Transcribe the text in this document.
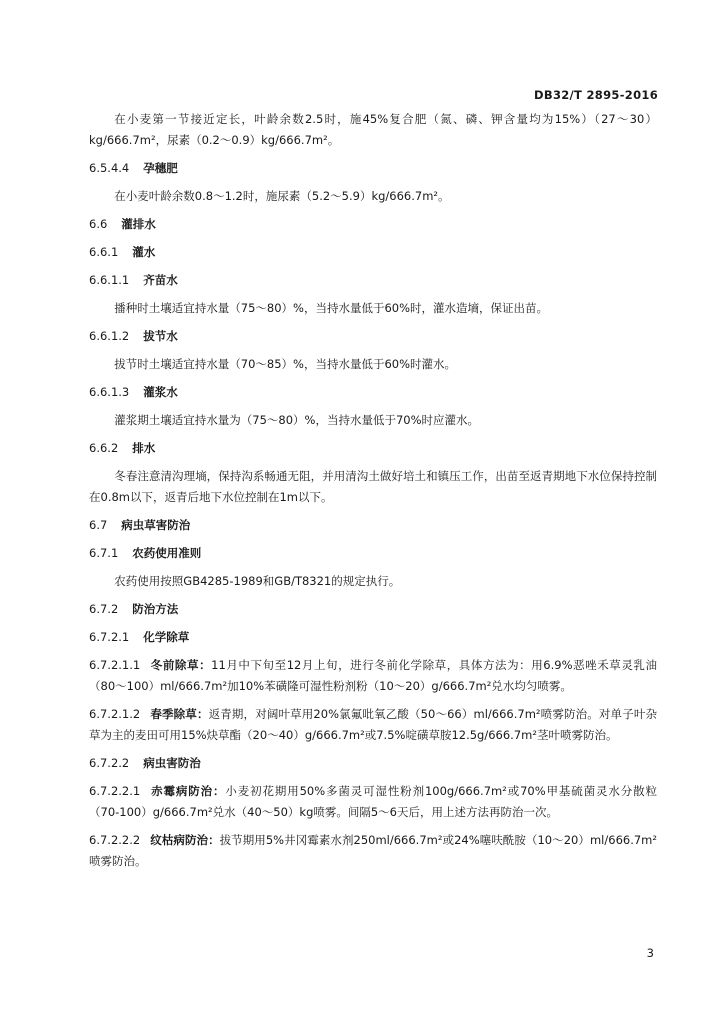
DB32/T 2895-2016

在小麦第一节接近定长，叶龄余数2.5时，施45%复合肥（氮、磷、钾含量均为15%）（27～30）kg/666.7m²，尿素（0.2～0.9）kg/666.7m²。

6.5.4.4 孕穗肥

在小麦叶龄余数0.8～1.2时，施尿素（5.2～5.9）kg/666.7m²。

6.6 灌排水

6.6.1 灌水

6.6.1.1 齐苗水

播种时土壤适宜持水量（75～80）%，当持水量低于60%时，灌水造墒，保证出苗。

6.6.1.2 拔节水

拔节时土壤适宜持水量（70～85）%，当持水量低于60%时灌水。

6.6.1.3 灌浆水

灌浆期土壤适宜持水量为（75～80）%，当持水量低于70%时应灌水。

6.6.2 排水

冬春注意清沟理墒，保持沟系畅通无阻，并用清沟土做好培土和镇压工作，出苗至返青期地下水位保持控制在0.8m以下，返青后地下水位控制在1m以下。

6.7 病虫草害防治

6.7.1 农药使用准则

农药使用按照GB4285-1989和GB/T8321的规定执行。

6.7.2 防治方法

6.7.2.1 化学除草

6.7.2.1.1 冬前除草：11月中下旬至12月上旬，进行冬前化学除草，具体方法为：用6.9%恶唑禾草灵乳油（80～100）ml/666.7m²加10%苯磺隆可湿性粉剂粉（10～20）g/666.7m²兑水均匀喷雾。

6.7.2.1.2 春季除草：返青期，对阔叶草用20%氯氟吡氧乙酸（50～66）ml/666.7m²喷雾防治。对单子叶杂草为主的麦田可用15%炔草酯（20～40）g/666.7m²或7.5%啶磺草胺12.5g/666.7m²茎叶喷雾防治。

6.7.2.2 病虫害防治

6.7.2.2.1 赤霉病防治：小麦初花期用50%多菌灵可湿性粉剂100g/666.7m²或70%甲基硫菌灵水分散粒（70-100）g/666.7m²兑水（40～50）kg喷雾。间隔5～6天后，用上述方法再防治一次。

6.7.2.2.2 纹枯病防治：拔节期用5%井冈霉素水剂250ml/666.7m²或24%噻呋酰胺（10～20）ml/666.7m²喷雾防治。

3
